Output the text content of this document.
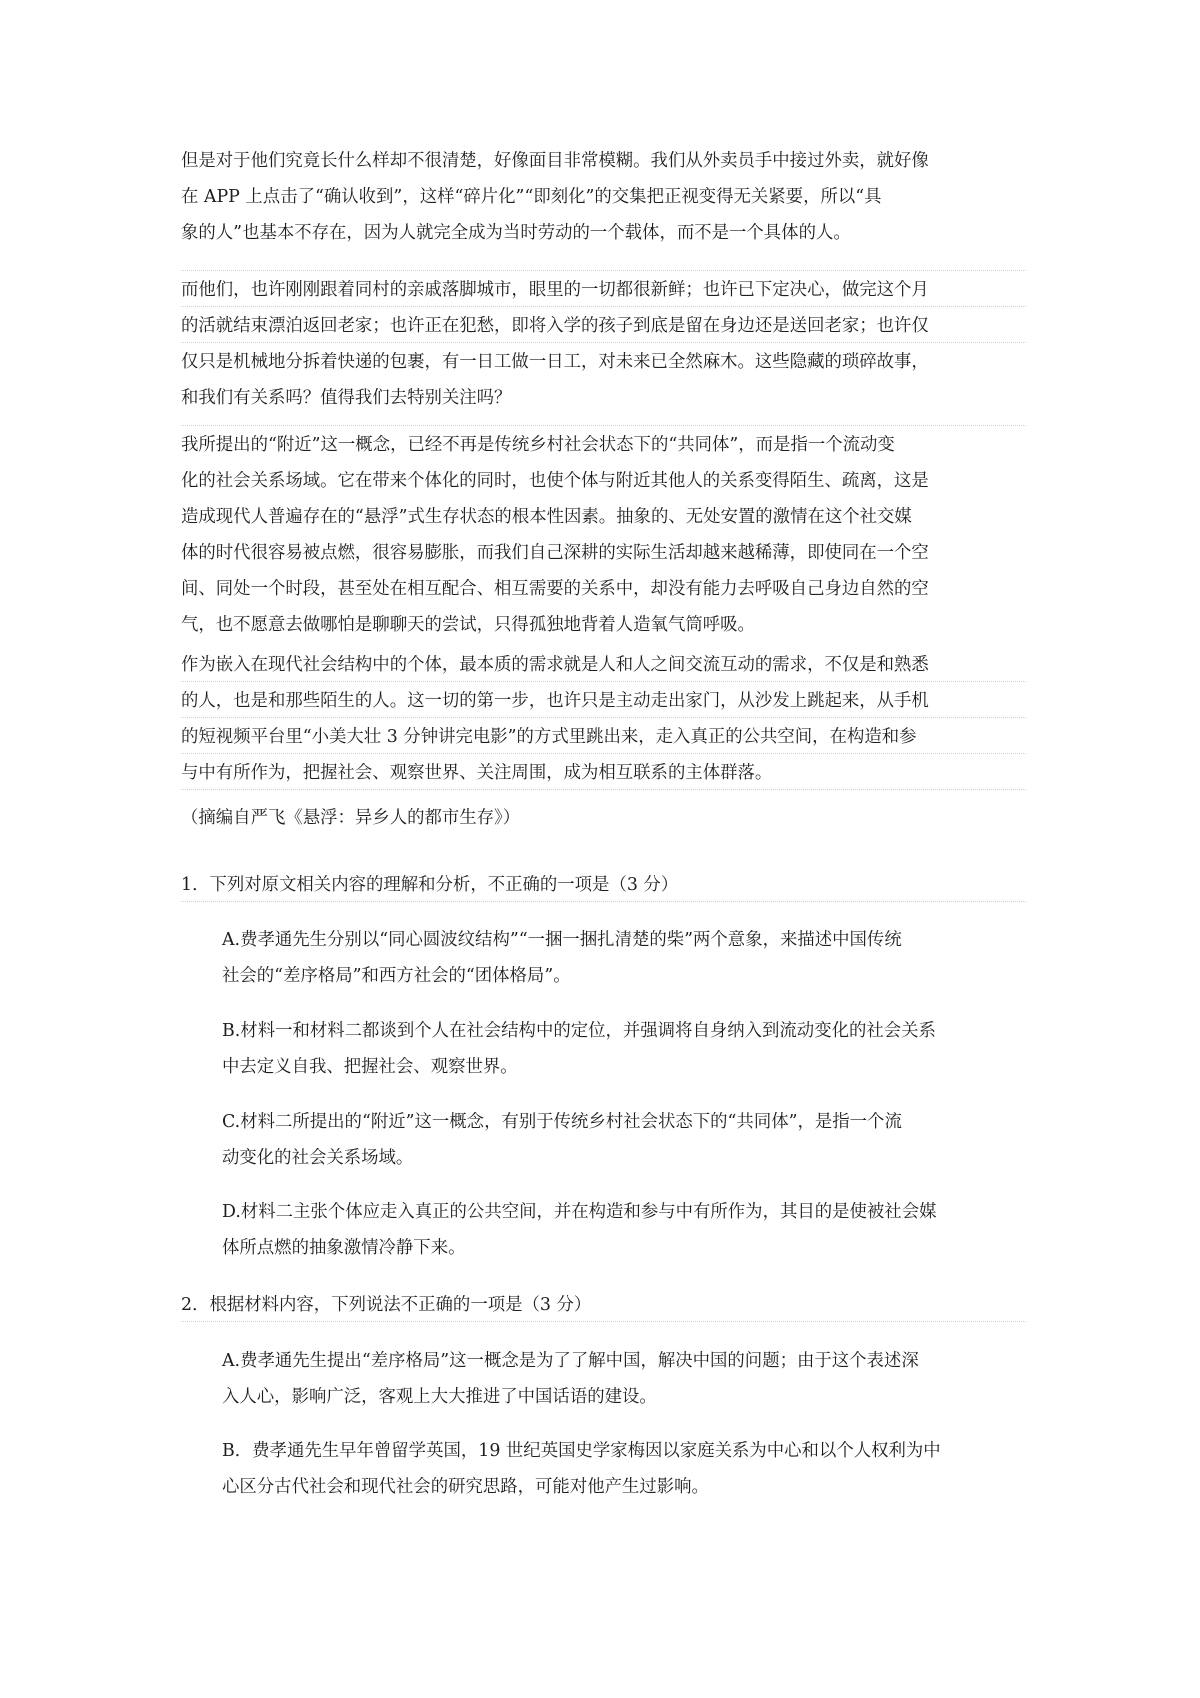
但是对于他们究竟长什么样却不很清楚，好像面目非常模糊。我们从外卖员手中接过外卖，就好像
在 APP 上点击了“确认收到”，这样“碎片化”“即刻化”的交集把正视变得无关紧要，所以“具
象的人”也基本不存在，因为人就完全成为当时劳动的一个载体，而不是一个具体的人。
而他们，也许刚刚跟着同村的亲戚落脚城市，眼里的一切都很新鲜；也许已下定决心，做完这个月
的活就结束漂泊返回老家；也许正在犯愁，即将入学的孩子到底是留在身边还是送回老家；也许仅
仅只是机械地分拆着快递的包裹，有一日工做一日工，对未来已全然麻木。这些隐藏的琐碎故事，
和我们有关系吗？值得我们去特别关注吗？
我所提出的“附近”这一概念，已经不再是传统乡村社会状态下的“共同体”，而是指一个流动变
化的社会关系场域。它在带来个体化的同时，也使个体与附近其他人的关系变得陌生、疏离，这是
造成现代人普遍存在的“悬浮”式生存状态的根本性因素。抽象的、无处安置的激情在这个社交媒
体的时代很容易被点燃，很容易膨胀，而我们自己深耕的实际生活却越来越稀薄，即使同在一个空
间、同处一个时段，甚至处在相互配合、相互需要的关系中，却没有能力去呼吸自己身边自然的空
气，也不愿意去做哪怕是聊聊天的尝试，只得孤独地背着人造氧气筒呼吸。
作为嵌入在现代社会结构中的个体，最本质的需求就是人和人之间交流互动的需求，不仅是和熟悉
的人，也是和那些陌生的人。这一切的第一步，也许只是主动走出家门，从沙发上跳起来，从手机
的短视频平台里“小美大壮 3 分钟讲完电影”的方式里跳出来，走入真正的公共空间，在构造和参
与中有所作为，把握社会、观察世界、关注周围，成为相互联系的主体群落。
（摘编自严飞《悬浮：异乡人的都市生存》）
1．下列对原文相关内容的理解和分析，不正确的一项是（3 分）
A.费孝通先生分别以“同心圆波纹结构”“一捆一捆扎清楚的柴”两个意象，来描述中国传统
社会的“差序格局”和西方社会的“团体格局”。
B.材料一和材料二都谈到个人在社会结构中的定位，并强调将自身纳入到流动变化的社会关系
中去定义自我、把握社会、观察世界。
C.材料二所提出的“附近”这一概念，有别于传统乡村社会状态下的“共同体”，是指一个流
动变化的社会关系场域。
D.材料二主张个体应走入真正的公共空间，并在构造和参与中有所作为，其目的是使被社会媒
体所点燃的抽象激情冷静下来。
2．根据材料内容，下列说法不正确的一项是（3 分）
A.费孝通先生提出“差序格局”这一概念是为了了解中国，解决中国的问题；由于这个表述深
入人心，影响广泛，客观上大大推进了中国话语的建设。
B．费孝通先生早年曾留学英国，19 世纪英国史学家梅因以家庭关系为中心和以个人权利为中
心区分古代社会和现代社会的研究思路，可能对他产生过影响。
